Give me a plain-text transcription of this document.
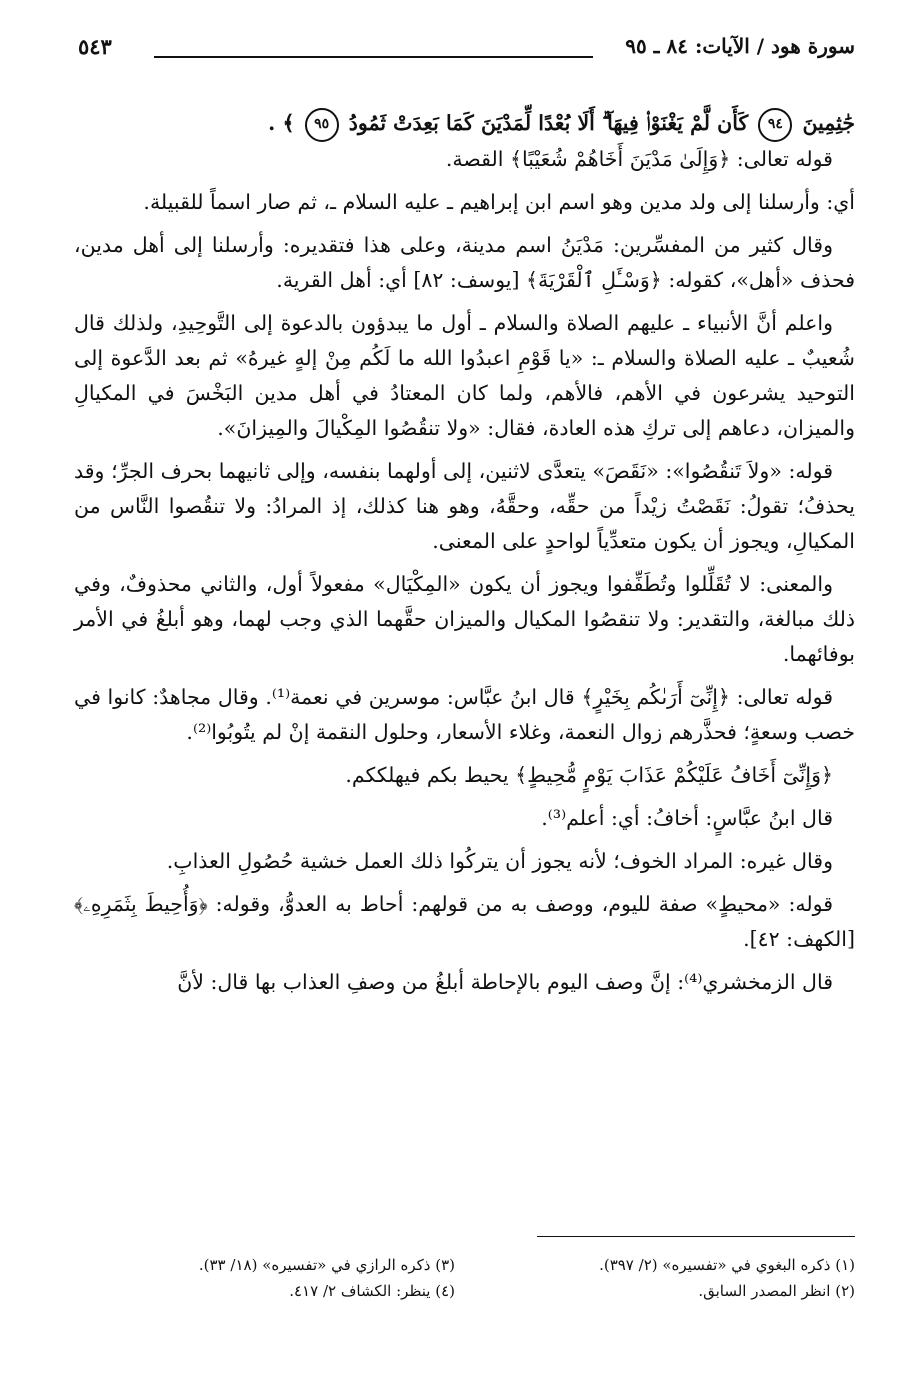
سورة هود / الآيات: ٨٤ ـ ٩٥
٥٤٣

جَٰثِمِينَ ٩٤ كَأَن لَّمْ يَغْنَوْا۟ فِيهَآ ۗ أَلَا بُعْدًا لِّمَدْيَنَ كَمَا بَعِدَتْ ثَمُودُ ٩٥ ﴾ .

قوله تعالى: ﴿وَإِلَىٰ مَدْيَنَ أَخَاهُمْ شُعَيْبًا﴾ القصة.

أي: وأرسلنا إلى ولد مدين وهو اسم ابن إبراهيم ـ عليه السلام ـ، ثم صار اسماً للقبيلة.

وقال كثير من المفسِّرين: مَدْيَنُ اسم مدينة، وعلى هذا فتقديره: وأرسلنا إلى أهل مدين، فحذف «أهل»، كقوله: ﴿وَسْـَٔلِ ٱلْقَرْيَةَ﴾ [يوسف: ٨٢] أي: أهل القرية.

واعلم أنَّ الأنبياء ـ عليهم الصلاة والسلام ـ أول ما يبدؤون بالدعوة إلى التَّوحِيدِ، ولذلك قال شُعيبٌ ـ عليه الصلاة والسلام ـ: «يا قَوْمِ اعبدُوا الله ما لَكُم مِنْ إلهٍ غيرهُ» ثم بعد الدَّعوة إلى التوحيد يشرعون في الأهم، فالأهم، ولما كان المعتادُ في أهل مدين البَخْسَ في المكيالِ والميزان، دعاهم إلى تركِ هذه العادة، فقال: «ولا تنقُصُوا المِكْيالَ والمِيزانَ».

قوله: «ولاَ تَنقُصُوا»: «نَقَصَ» يتعدَّى لاثنين، إلى أولهما بنفسه، وإلى ثانيهما بحرف الجرِّ؛ وقد يحذفُ؛ تقولُ: نَقَصْتُ زيْداً من حقِّه، وحقَّهُ، وهو هنا كذلك، إذ المرادُ: ولا تنقُصوا النَّاس من المكيالِ، ويجوز أن يكون متعدِّياً لواحدٍ على المعنى.

والمعنى: لا تُقَلِّلوا وتُطَفِّفوا ويجوز أن يكون «المِكْيَال» مفعولاً أول، والثاني محذوفٌ، وفي ذلك مبالغة، والتقدير: ولا تنقصُوا المكيال والميزان حقَّهما الذي وجب لهما، وهو أبلغُ في الأمر بوفائهما.

قوله تعالى: ﴿إِنِّىٓ أَرَىٰكُم بِخَيْرٍ﴾ قال ابنُ عبَّاس: موسرين في نعمة⁽¹⁾. وقال مجاهدٌ: كانوا في خصب وسعةٍ؛ فحذَّرهم زوال النعمة، وغلاء الأسعار، وحلول النقمة إنْ لم يتُوبُوا⁽²⁾.

﴿وَإِنِّىٓ أَخَافُ عَلَيْكُمْ عَذَابَ يَوْمٍ مُّحِيطٍ﴾ يحيط بكم فيهلككم.

قال ابنُ عبَّاسٍ: أخافُ: أي: أعلم⁽³⁾.

وقال غيره: المراد الخوف؛ لأنه يجوز أن يتركُوا ذلك العمل خشية حُصُولِ العذابِ.

قوله: «محيطٍ» صفة لليوم، ووصف به من قولهم: أحاط به العدوُّ، وقوله: ﴿وَأُحِيطَ بِثَمَرِهِۦ﴾ [الكهف: ٤٢].

قال الزمخشري⁽⁴⁾: إنَّ وصف اليوم بالإحاطة أبلغُ من وصفِ العذاب بها قال: لأنَّ

(١) ذكره البغوي في «تفسيره» (٢/ ٣٩٧).
(٢) انظر المصدر السابق.
(٣) ذكره الرازي في «تفسيره» (١٨/ ٣٣).
(٤) ينظر: الكشاف ٢/ ٤١٧.
